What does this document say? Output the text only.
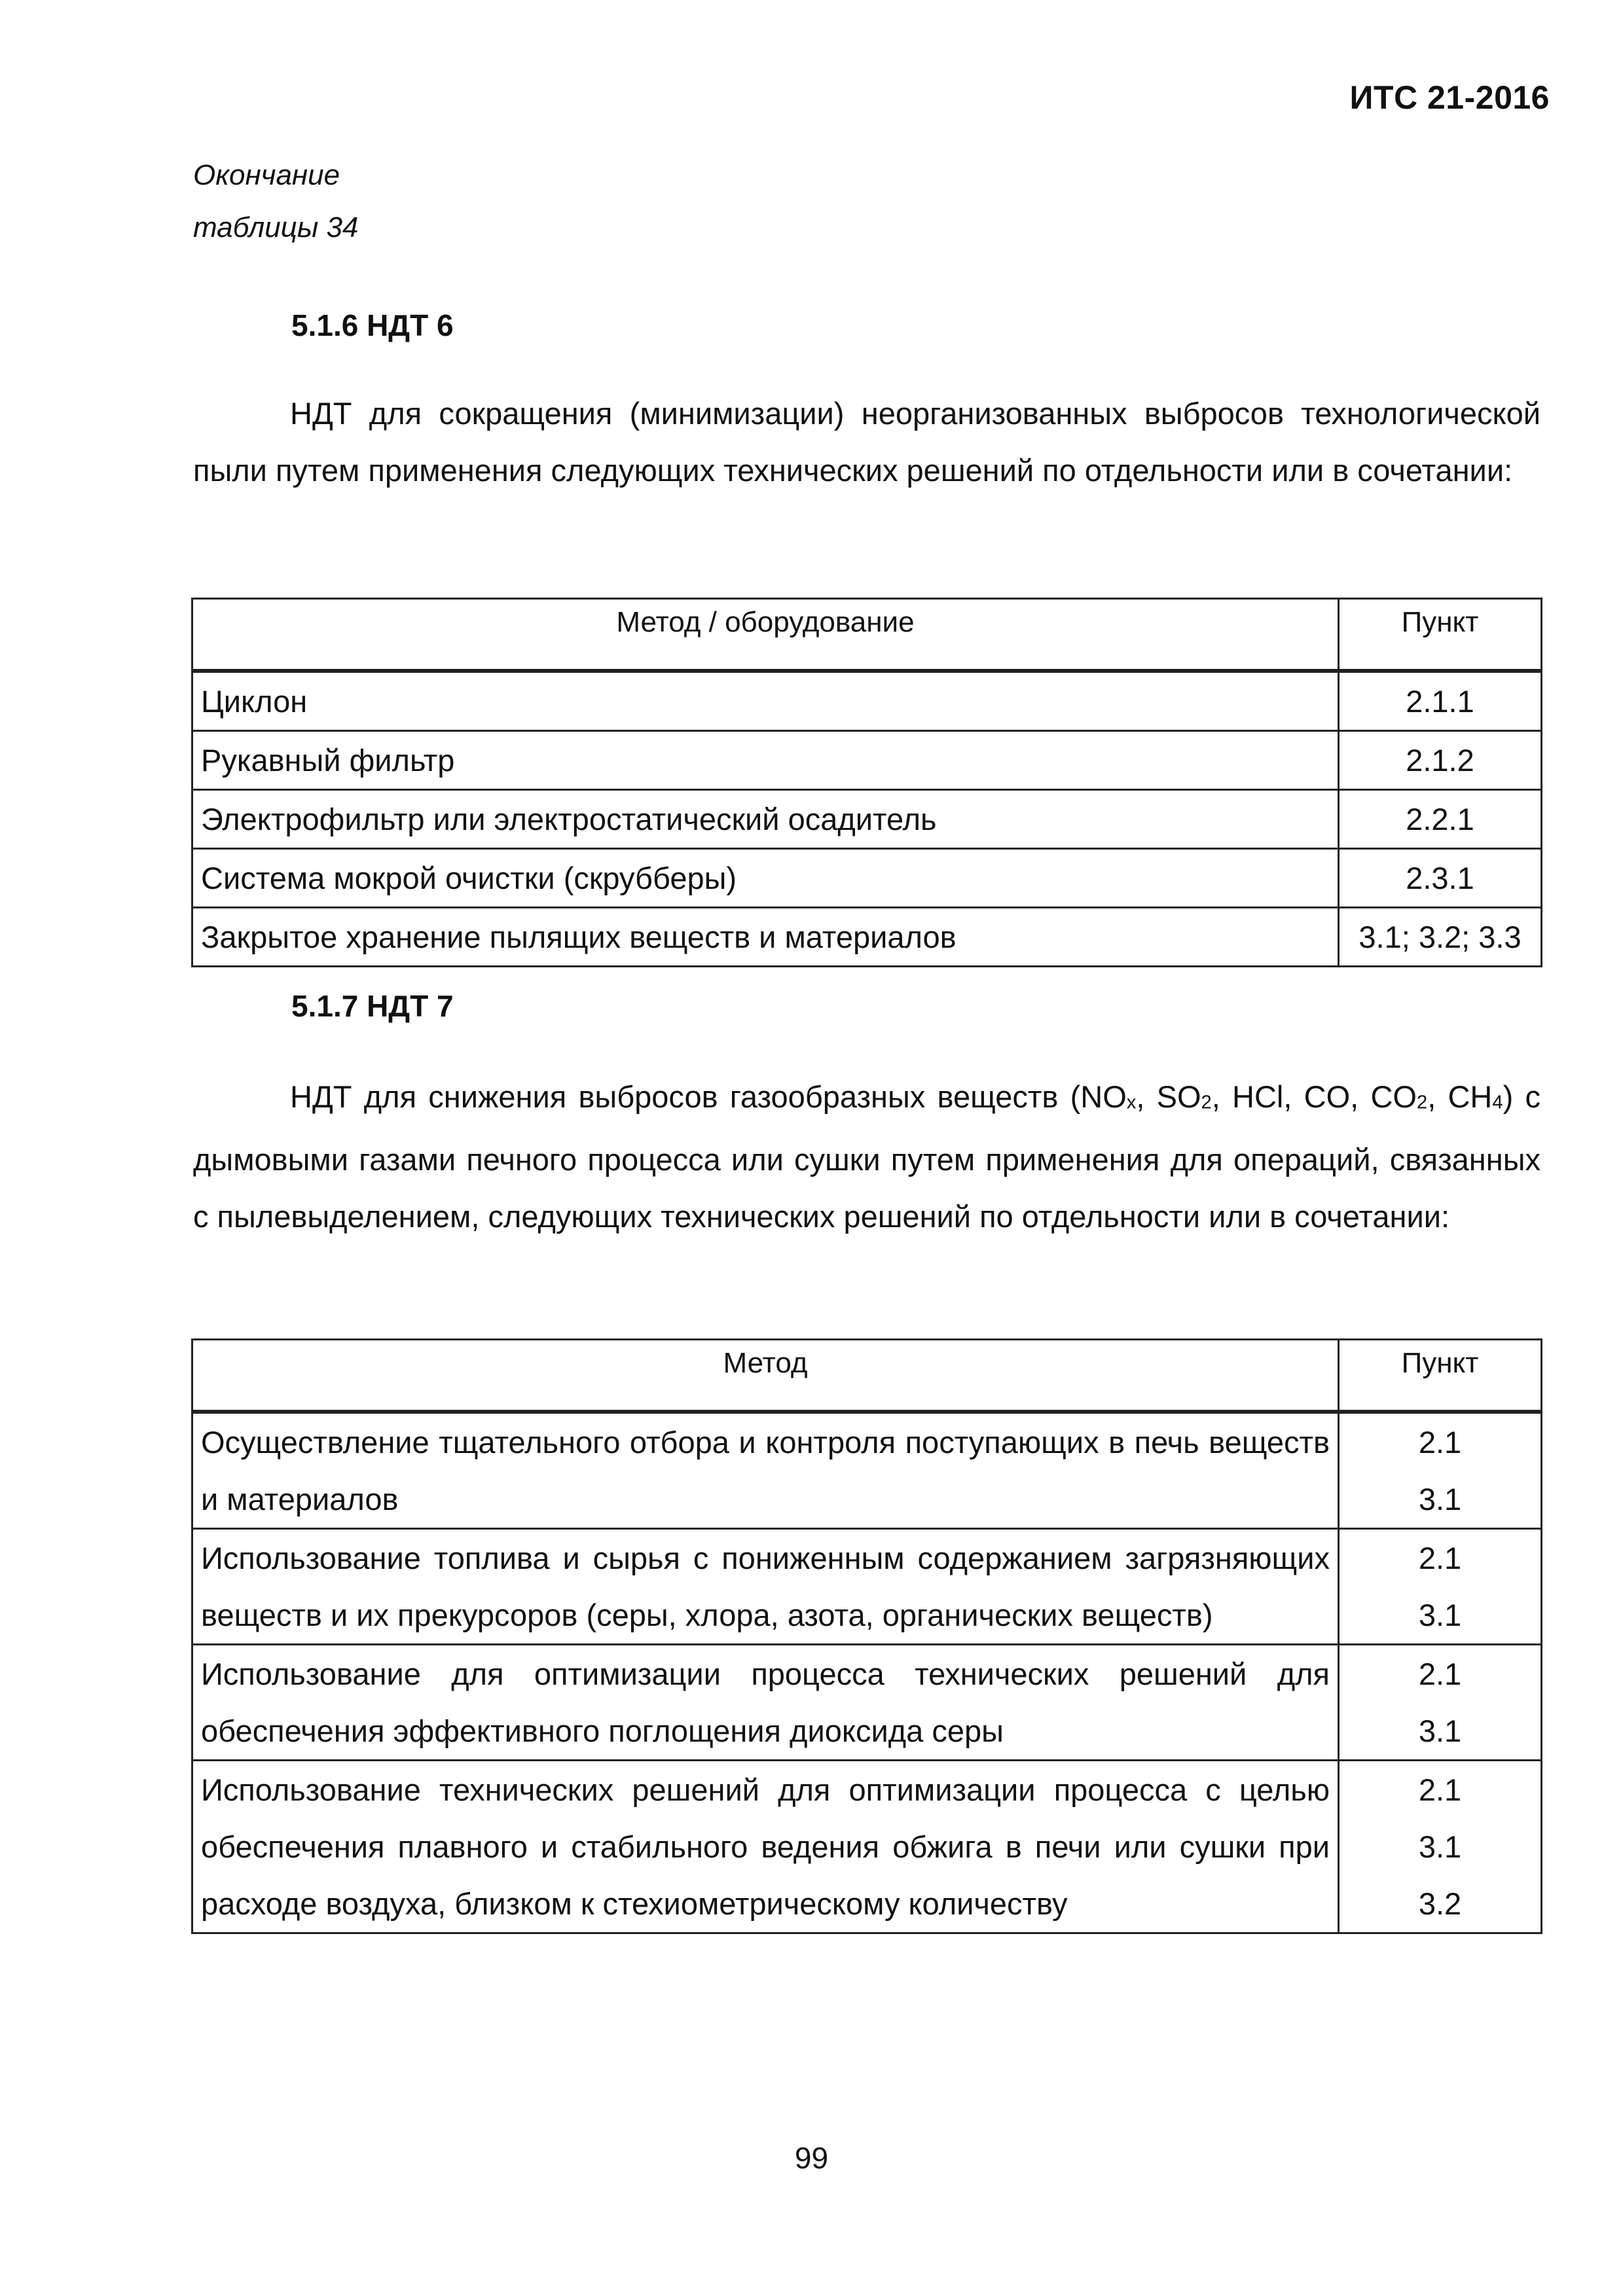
ИТС 21-2016
Окончание
таблицы 34
5.1.6 НДТ 6
НДТ для сокращения (минимизации) неорганизованных выбросов технологической пыли путем применения следующих технических решений по отдельности или в сочетании:
Метод / оборудование	Пункт
Циклон	2.1.1
Рукавный фильтр	2.1.2
Электрофильтр или электростатический осадитель	2.2.1
Система мокрой очистки (скрубберы)	2.3.1
Закрытое хранение пылящих веществ и материалов	3.1; 3.2; 3.3
5.1.7 НДТ 7
НДТ для снижения выбросов газообразных веществ ($NO_x$, $SO_2$, HCl, CO, $CO_2$, $CH_4$) с дымовыми газами печного процесса или сушки путем применения для операций, связанных с пылевыделением, следующих технических решений по отдельности или в сочетании:
Метод	Пункт
Осуществление тщательного отбора и контроля поступающих в печь веществ и материалов	2.1
3.1

Использование топлива и сырья с пониженным содержанием загрязняющих веществ и их прекурсоров (серы, хлора, азота, органических веществ)	2.1
3.1

Использование для оптимизации процесса технических решений для обеспечения эффективного поглощения диоксида серы	2.1
3.1

Использование технических решений для оптимизации процесса с целью обеспечения плавного и стабильного ведения обжига в печи или сушки при расходе воздуха, близком к стехиометрическому количеству	2.1
3.1
3.2
99
